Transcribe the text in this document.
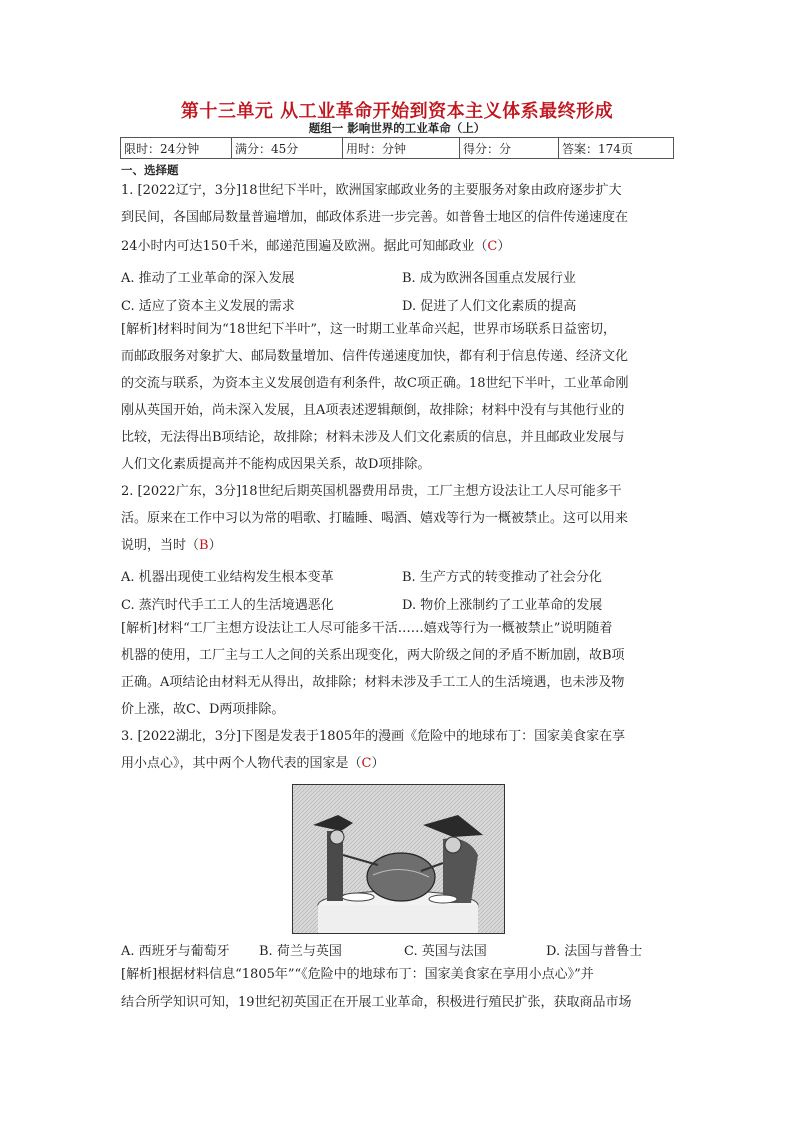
第十三单元 从工业革命开始到资本主义体系最终形成
题组一 影响世界的工业革命（上）
限时：24分钟	满分：45分	用时：分钟	得分：分	答案：174页
一、选择题
1. [2022辽宁，3分]18世纪下半叶，欧洲国家邮政业务的主要服务对象由政府逐步扩大
到民间，各国邮局数量普遍增加，邮政体系进一步完善。如普鲁士地区的信件传递速度在
24小时内可达150千米，邮递范围遍及欧洲。据此可知邮政业（C）
A. 推动了工业革命的深入发展	B. 成为欧洲各国重点发展行业
C. 适应了资本主义发展的需求	D. 促进了人们文化素质的提高
[解析]材料时间为“18世纪下半叶”，这一时期工业革命兴起，世界市场联系日益密切，
而邮政服务对象扩大、邮局数量增加、信件传递速度加快，都有利于信息传递、经济文化
的交流与联系，为资本主义发展创造有利条件，故C项正确。18世纪下半叶，工业革命刚
刚从英国开始，尚未深入发展，且A项表述逻辑颠倒，故排除；材料中没有与其他行业的
比较，无法得出B项结论，故排除；材料未涉及人们文化素质的信息，并且邮政业发展与
人们文化素质提高并不能构成因果关系，故D项排除。
2. [2022广东，3分]18世纪后期英国机器费用昂贵，工厂主想方设法让工人尽可能多干
活。原来在工作中习以为常的唱歌、打瞌睡、喝酒、嬉戏等行为一概被禁止。这可以用来
说明，当时（B）
A. 机器出现使工业结构发生根本变革	B. 生产方式的转变推动了社会分化
C. 蒸汽时代手工工人的生活境遇恶化	D. 物价上涨制约了工业革命的发展
[解析]材料“工厂主想方设法让工人尽可能多干活……嬉戏等行为一概被禁止”说明随着
机器的使用，工厂主与工人之间的关系出现变化，两大阶级之间的矛盾不断加剧，故B项
正确。A项结论由材料无从得出，故排除；材料未涉及手工工人的生活境遇，也未涉及物
价上涨，故C、D两项排除。
3. [2022湖北，3分]下图是发表于1805年的漫画《危险中的地球布丁：国家美食家在享
用小点心》，其中两个人物代表的国家是（C）
A. 西班牙与葡萄牙 B. 荷兰与英国	C. 英国与法国	D. 法国与普鲁士
[解析]根据材料信息“1805年”“《危险中的地球布丁：国家美食家在享用小点心》”并
结合所学知识可知，19世纪初英国正在开展工业革命，积极进行殖民扩张，获取商品市场
